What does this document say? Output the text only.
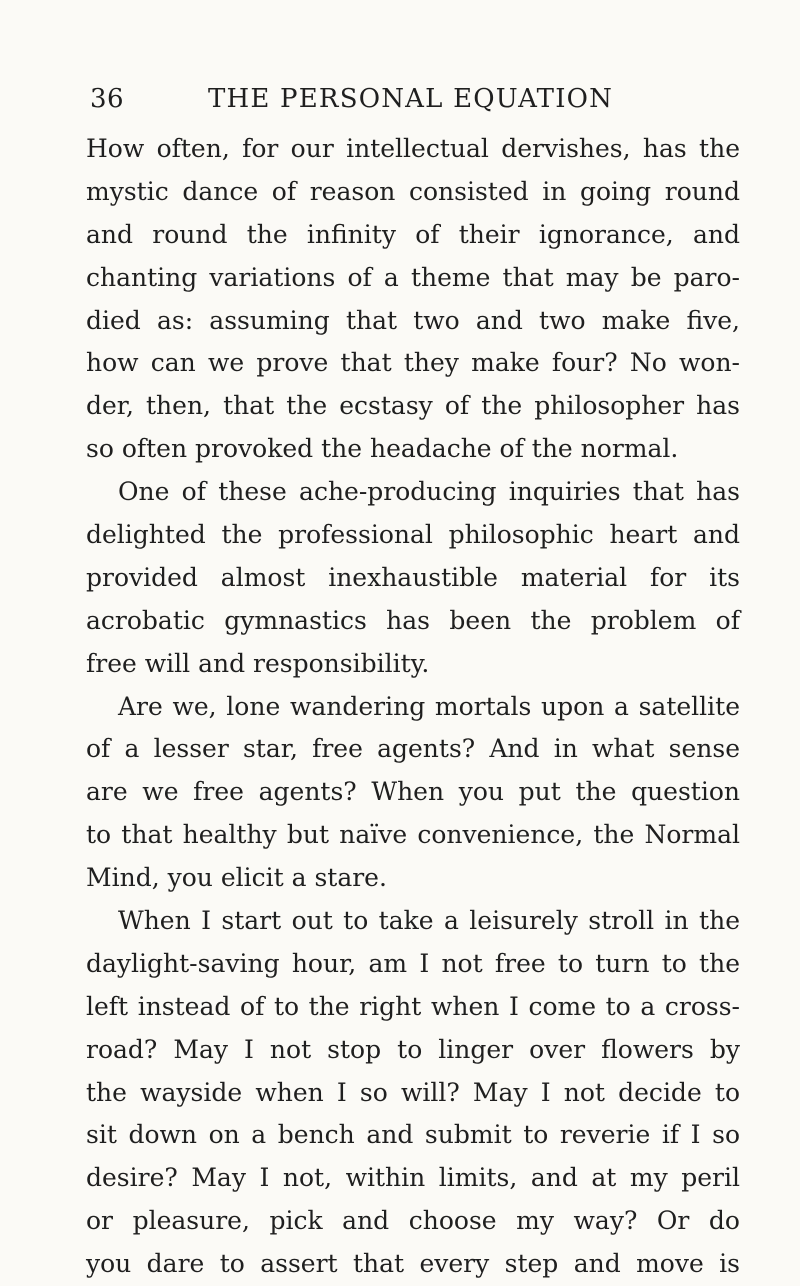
36	THE PERSONAL EQUATION
How often, for our intellectual dervishes, has the
mystic dance of reason consisted in going round
and round the infinity of their ignorance, and
chanting variations of a theme that may be paro-
died as: assuming that two and two make five,
how can we prove that they make four? No won-
der, then, that the ecstasy of the philosopher has
so often provoked the headache of the normal.
One of these ache-producing inquiries that has
delighted the professional philosophic heart and
provided almost inexhaustible material for its
acrobatic gymnastics has been the problem of
free will and responsibility.
Are we, lone wandering mortals upon a satellite
of a lesser star, free agents? And in what sense
are we free agents? When you put the question
to that healthy but naïve convenience, the Normal
Mind, you elicit a stare.
When I start out to take a leisurely stroll in the
daylight-saving hour, am I not free to turn to the
left instead of to the right when I come to a cross-
road? May I not stop to linger over flowers by
the wayside when I so will? May I not decide to
sit down on a bench and submit to reverie if I so
desire? May I not, within limits, and at my peril
or pleasure, pick and choose my way? Or do
you dare to assert that every step and move is
